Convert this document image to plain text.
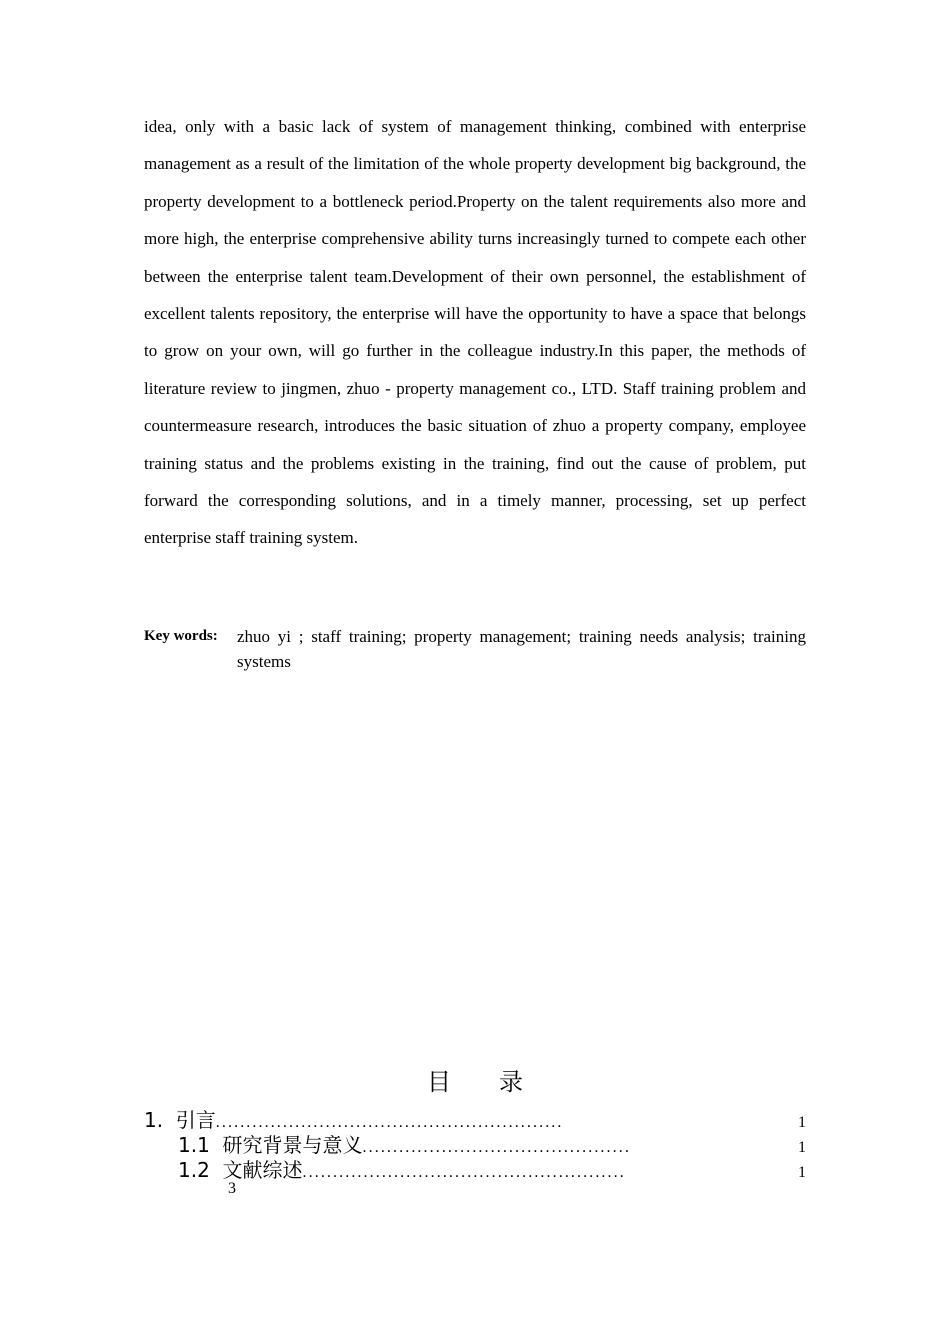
idea, only with a basic lack of system of management thinking, combined with enterprise management as a result of the limitation of the whole property development big background, the property development to a bottleneck period.Property on the talent requirements also more and more high, the enterprise comprehensive ability turns increasingly turned to compete each other between the enterprise talent team.Development of their own personnel, the establishment of excellent talents repository, the enterprise will have the opportunity to have a space that belongs to grow on your own, will go further in the colleague industry.In this paper, the methods of literature review to jingmen, zhuo - property management co., LTD. Staff training problem and countermeasure research, introduces the basic situation of zhuo a property company, employee training status and the problems existing in the training, find out the cause of problem, put forward the corresponding solutions, and in a timely manner, processing, set up perfect enterprise staff training system.

Key words:	zhuo yi ; staff training; property management; training needs analysis; training systems
目录
1. 引言 .........................................................	1
1.1 研究背景与意义 ............................................	1
1.2 文献综述 .....................................................	1
3
